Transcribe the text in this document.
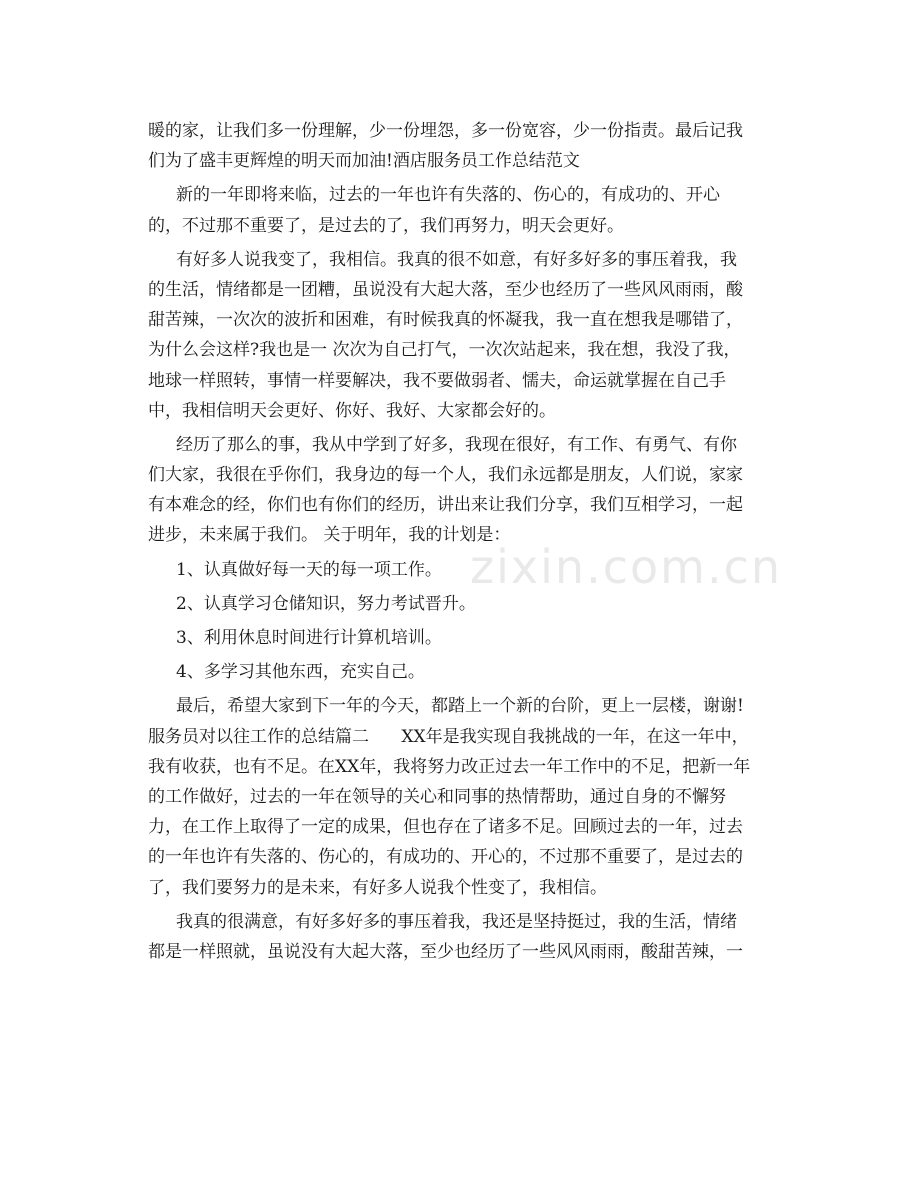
zixin.com.cn
暖的家，让我们多一份理解，少一份埋怨，多一份宽容，少一份指责。最后记我
们为了盛丰更辉煌的明天而加油!酒店服务员工作总结范文
新的一年即将来临，过去的一年也许有失落的、伤心的，有成功的、开心
的，不过那不重要了，是过去的了，我们再努力，明天会更好。
有好多人说我变了，我相信。我真的很不如意，有好多好多的事压着我，我
的生活，情绪都是一团糟，虽说没有大起大落，至少也经历了一些风风雨雨，酸
甜苦辣，一次次的波折和困难，有时候我真的怀凝我，我一直在想我是哪错了，
为什么会这样?我也是一 次次为自己打气，一次次站起来，我在想，我没了我，
地球一样照转，事情一样要解决，我不要做弱者、懦夫，命运就掌握在自己手
中，我相信明天会更好、你好、我好、大家都会好的。
经历了那么的事，我从中学到了好多，我现在很好，有工作、有勇气、有你
们大家，我很在乎你们，我身边的每一个人，我们永远都是朋友，人们说，家家
有本难念的经，你们也有你们的经历，讲出来让我们分享，我们互相学习，一起
进步，未来属于我们。 关于明年，我的计划是：
1、认真做好每一天的每一项工作。
2、认真学习仓储知识，努力考试晋升。
3、利用休息时间进行计算机培训。
4、多学习其他东西，充实自己。
最后，希望大家到下一年的今天，都踏上一个新的台阶，更上一层楼，谢谢!
服务员对以往工作的总结篇二      XX年是我实现自我挑战的一年，在这一年中，
我有收获，也有不足。在XX年，我将努力改正过去一年工作中的不足，把新一年
的工作做好，过去的一年在领导的关心和同事的热情帮助，通过自身的不懈努
力，在工作上取得了一定的成果，但也存在了诸多不足。回顾过去的一年，过去
的一年也许有失落的、伤心的，有成功的、开心的，不过那不重要了，是过去的
了，我们要努力的是未来，有好多人说我个性变了，我相信。
我真的很满意，有好多好多的事压着我，我还是坚持挺过，我的生活，情绪
都是一样照就，虽说没有大起大落，至少也经历了一些风风雨雨，酸甜苦辣，一
